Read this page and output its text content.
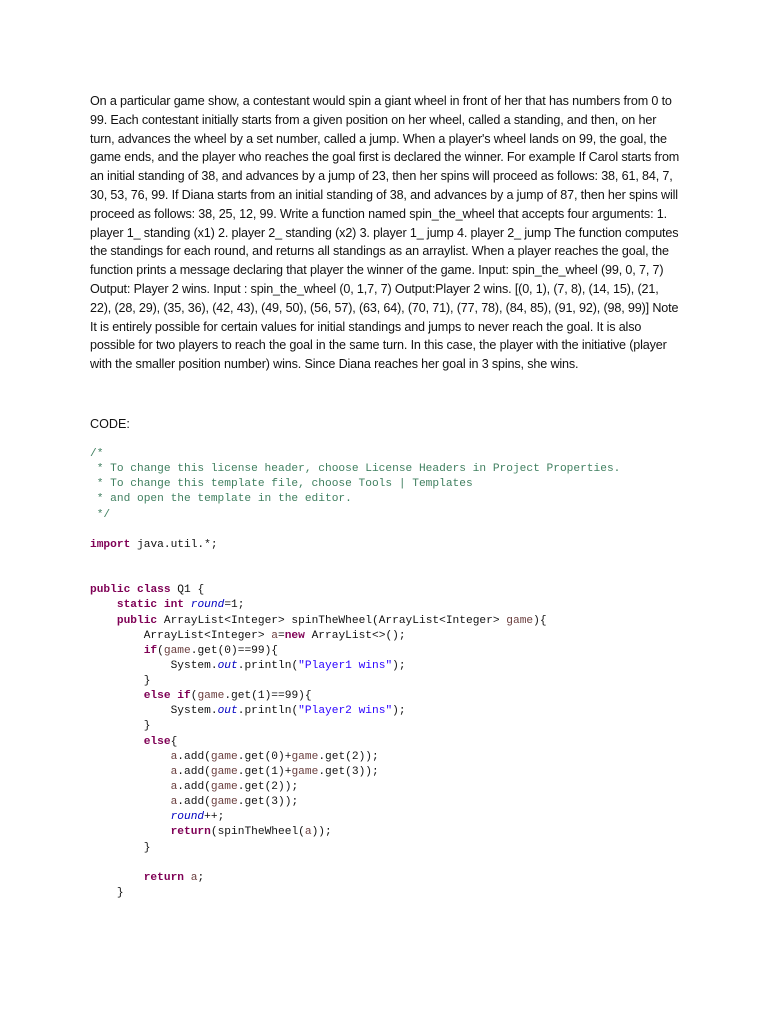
On a particular game show, a contestant would spin a giant wheel in front of her that has numbers from 0 to 99. Each contestant initially starts from a given position on her wheel, called a standing, and then, on her turn, advances the wheel by a set number, called a jump. When a player's wheel lands on 99, the goal, the game ends, and the player who reaches the goal first is declared the winner. For example If Carol starts from an initial standing of 38, and advances by a jump of 23, then her spins will proceed as follows: 38, 61, 84, 7, 30, 53, 76, 99. If Diana starts from an initial standing of 38, and advances by a jump of 87, then her spins will proceed as follows: 38, 25, 12, 99. Write a function named spin_the_wheel that accepts four arguments: 1. player 1_ standing (x1) 2. player 2_ standing (x2) 3. player 1_ jump 4. player 2_ jump The function computes the standings for each round, and returns all standings as an arraylist. When a player reaches the goal, the function prints a message declaring that player the winner of the game. Input: spin_the_wheel (99, 0, 7, 7) Output: Player 2 wins. Input : spin_the_wheel (0, 1,7, 7) Output:Player 2 wins. [(0, 1), (7, 8), (14, 15), (21, 22), (28, 29), (35, 36), (42, 43), (49, 50), (56, 57), (63, 64), (70, 71), (77, 78), (84, 85), (91, 92), (98, 99)] Note It is entirely possible for certain values for initial standings and jumps to never reach the goal. It is also possible for two players to reach the goal in the same turn. In this case, the player with the initiative (player with the smaller position number) wins. Since Diana reaches her goal in 3 spins, she wins.

CODE:
/*
* To change this license header, choose License Headers in Project Properties.
* To change this template file, choose Tools | Templates
* and open the template in the editor.
*/
import java.util.*;
public class Q1 {
static int round=1;
public ArrayList<Integer> spinTheWheel(ArrayList<Integer> game){
ArrayList<Integer> a=new ArrayList<>();
if(game.get(0)==99){
System.out.println("Player1 wins");
}
else if(game.get(1)==99){
System.out.println("Player2 wins");
}
else{
a.add(game.get(0)+game.get(2));
a.add(game.get(1)+game.get(3));
a.add(game.get(2));
a.add(game.get(3));
round++;
return(spinTheWheel(a));
}
return a;
}
